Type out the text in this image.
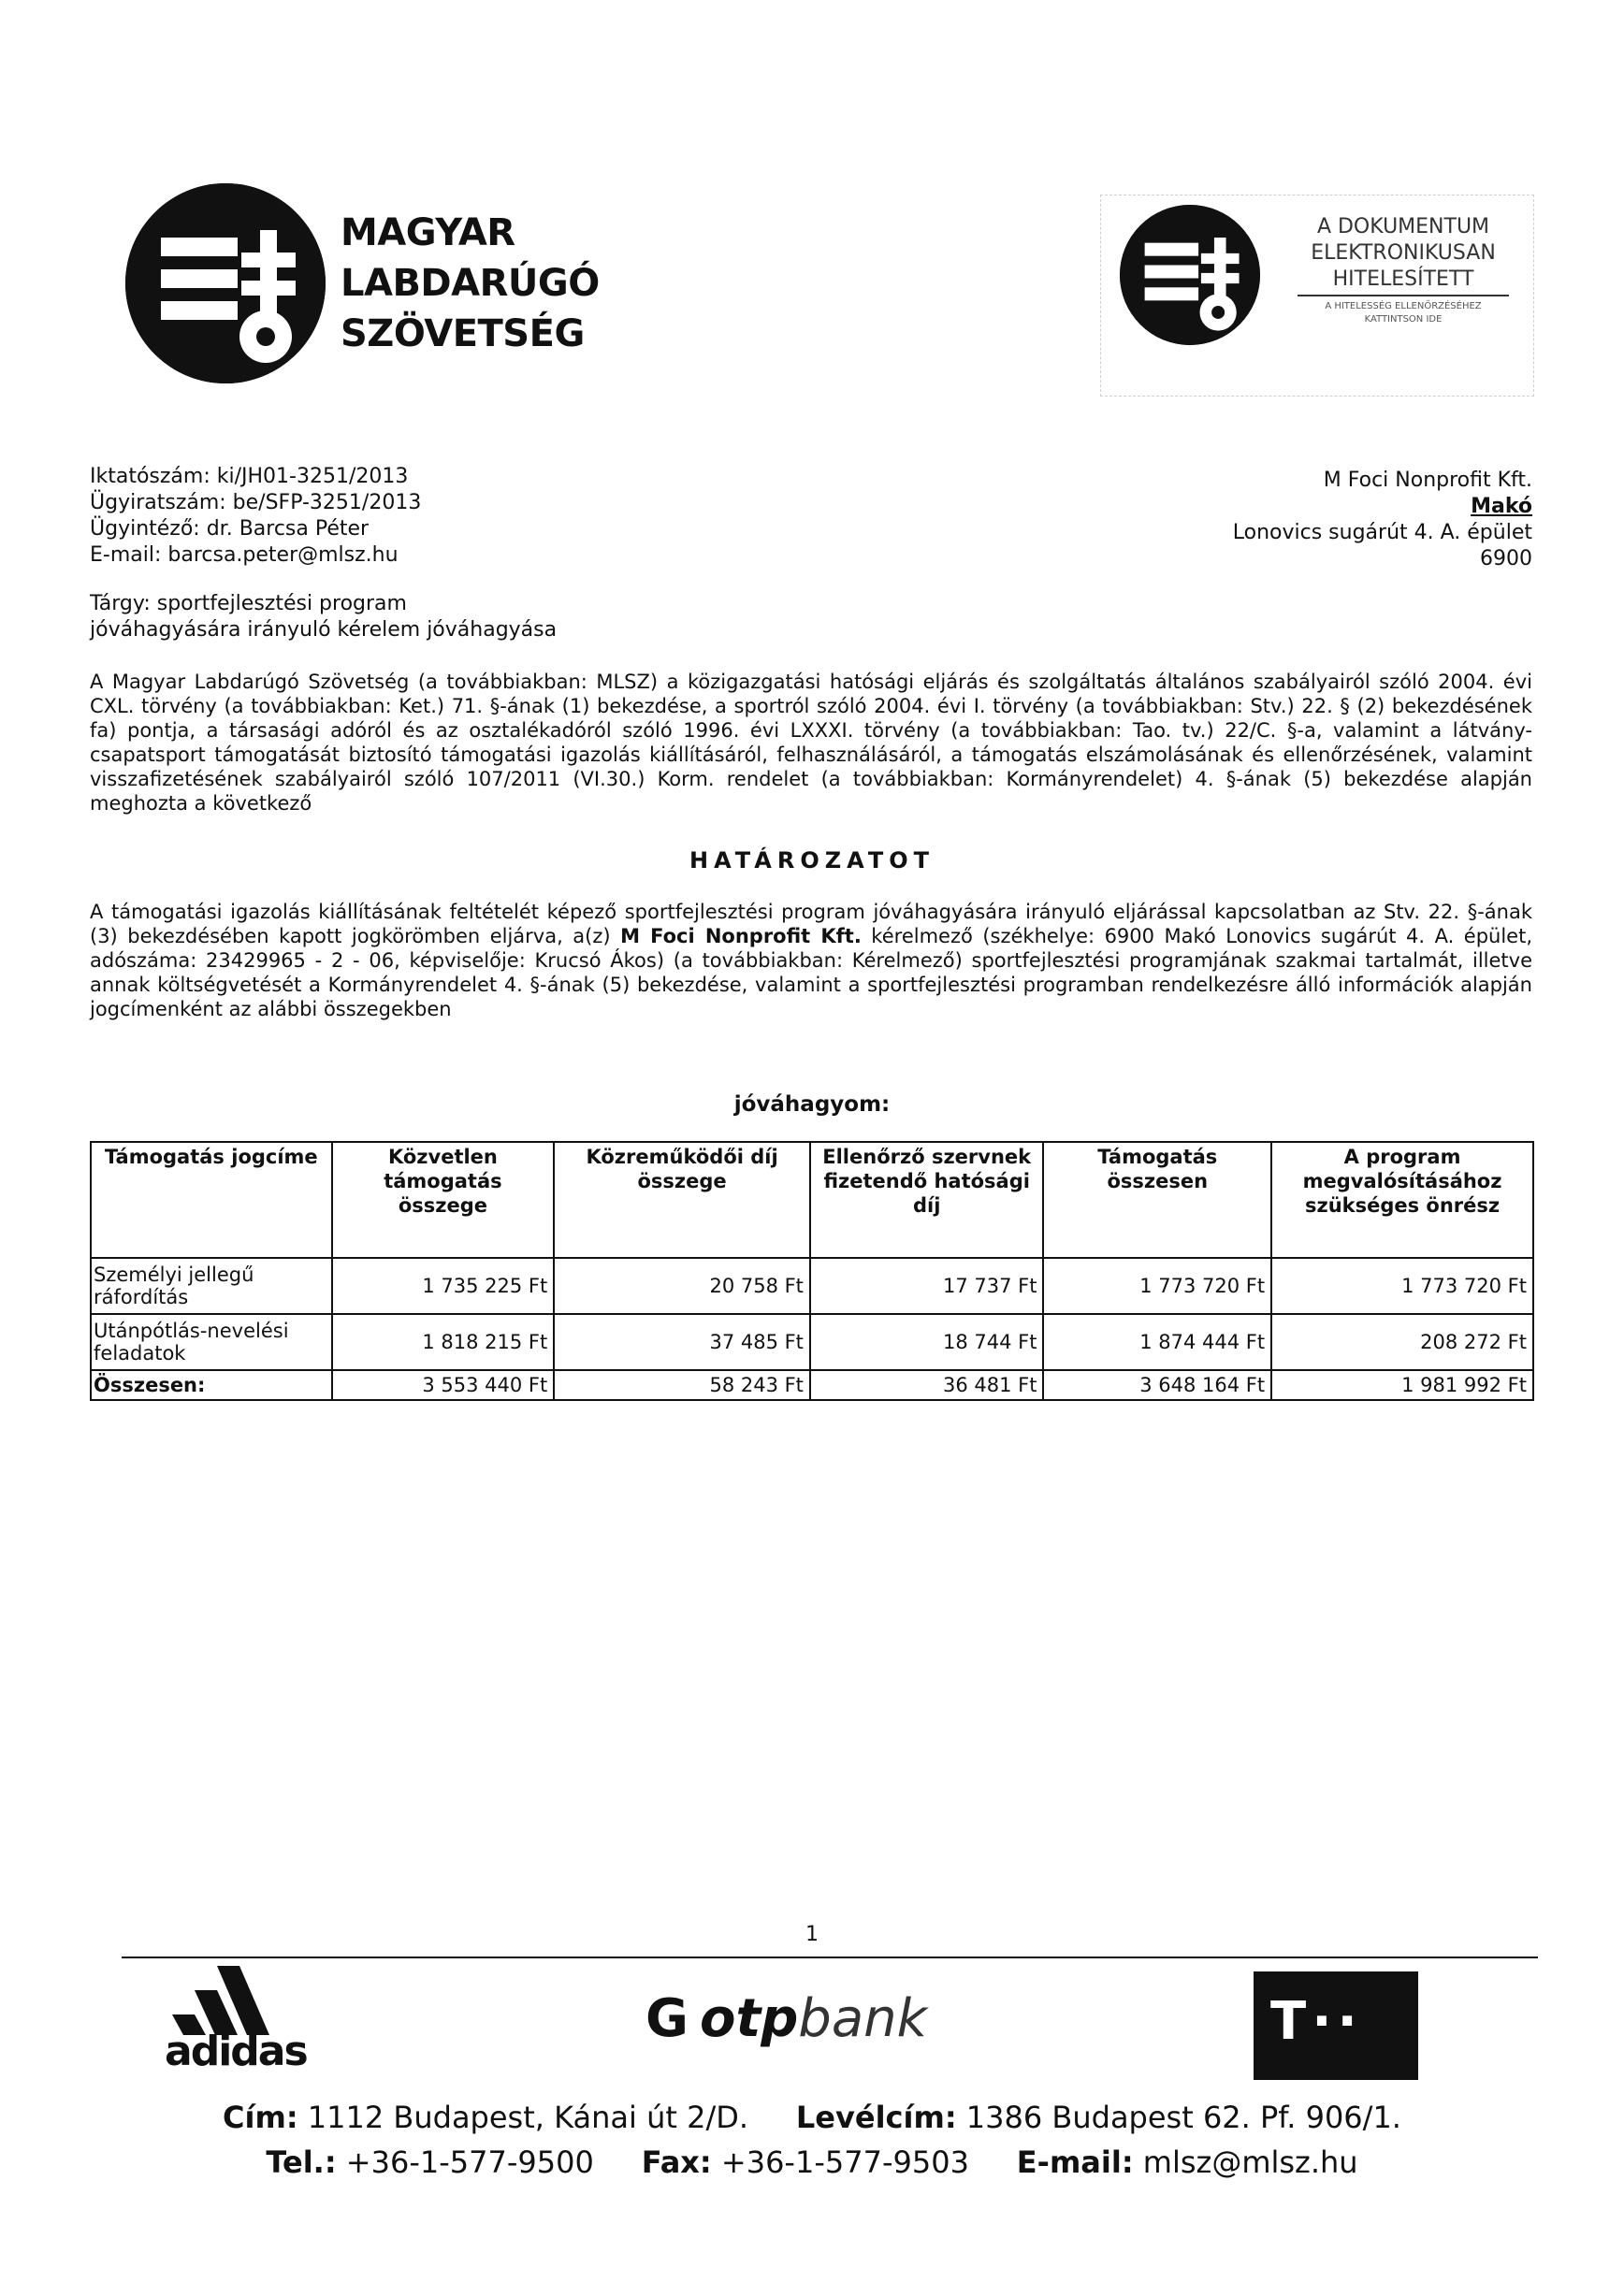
MAGYAR
LABDARÚGÓ
SZÖVETSÉG
A DOKUMENTUM
ELEKTRONIKUSAN
HITELESÍTETT
A HITELESSÉG ELLENŐRZÉSÉHEZ
KATTINTSON IDE
Iktatószám: ki/JH01-3251/2013
Ügyiratszám: be/SFP-3251/2013
Ügyintéző: dr. Barcsa Péter
E-mail: barcsa.peter@mlsz.hu
M Foci Nonprofit Kft.
Makó
Lonovics sugárút 4. A. épület
6900
Tárgy: sportfejlesztési program
jóváhagyására irányuló kérelem jóváhagyása
A Magyar Labdarúgó Szövetség (a továbbiakban: MLSZ) a közigazgatási hatósági eljárás és szolgáltatás általános szabályairól szóló 2004. évi CXL. törvény (a továbbiakban: Ket.) 71. §-ának (1) bekezdése, a sportról szóló 2004. évi I. törvény (a továbbiakban: Stv.) 22. § (2) bekezdésének fa) pontja, a társasági adóról és az osztalékadóról szóló 1996. évi LXXXI. törvény (a továbbiakban: Tao. tv.) 22/C. §-a, valamint a látvány-csapatsport támogatását biztosító támogatási igazolás kiállításáról, felhasználásáról, a támogatás elszámolásának és ellenőrzésének, valamint visszafizetésének szabályairól szóló 107/2011 (VI.30.) Korm. rendelet (a továbbiakban: Kormányrendelet) 4. §-ának (5) bekezdése alapján meghozta a következő
HATÁROZATOT
A támogatási igazolás kiállításának feltételét képező sportfejlesztési program jóváhagyására irányuló eljárással kapcsolatban az Stv. 22. §-ának (3) bekezdésében kapott jogkörömben eljárva, a(z) M Foci Nonprofit Kft. kérelmező (székhelye: 6900 Makó Lonovics sugárút 4. A. épület, adószáma: 23429965 - 2 - 06, képviselője: Krucsó Ákos) (a továbbiakban: Kérelmező) sportfejlesztési programjának szakmai tartalmát, illetve annak költségvetését a Kormányrendelet 4. §-ának (5) bekezdése, valamint a sportfejlesztési programban rendelkezésre álló információk alapján jogcímenként az alábbi összegekben
jóváhagyom:
Támogatás jogcíme	Közvetlen támogatás összege	Közreműködői díj összege	Ellenőrző szervnek fizetendő hatósági díj	Támogatás összesen	A program megvalósításához szükséges önrész
Személyi jellegű ráfordítás	1 735 225 Ft	20 758 Ft	17 737 Ft	1 773 720 Ft	1 773 720 Ft
Utánpótlás-nevelési feladatok	1 818 215 Ft	37 485 Ft	18 744 Ft	1 874 444 Ft	208 272 Ft
Összesen:	3 553 440 Ft	58 243 Ft	36 481 Ft	3 648 164 Ft	1 981 992 Ft
1
adidas
G otpbank	T··
Cím: 1112 Budapest, Kánai út 2/D. Levélcím: 1386 Budapest 62. Pf. 906/1.
Tel.: +36-1-577-9500 Fax: +36-1-577-9503 E-mail: mlsz@mlsz.hu
